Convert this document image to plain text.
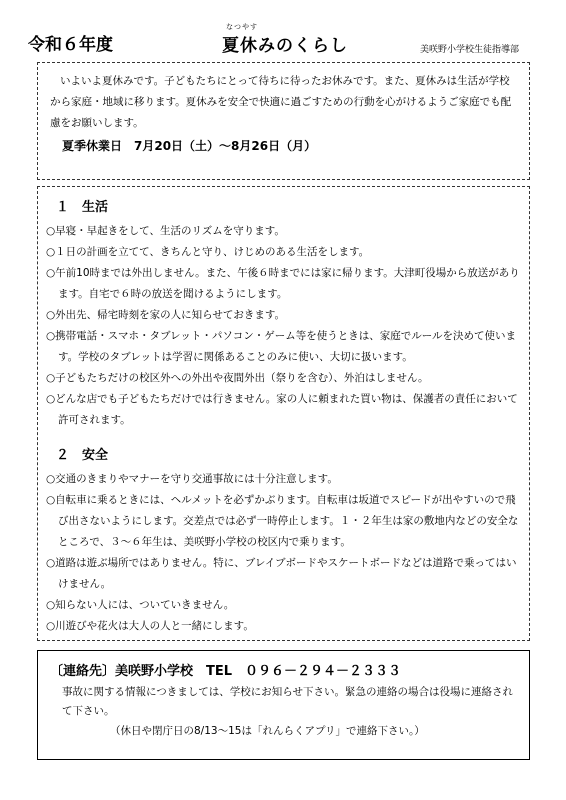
令和６年度
なつやす
夏休みのくらし	美咲野小学校生徒指導部

いよいよ夏休みです。子どもたちにとって待ちに待ったお休みです。また、夏休みは生活が学校から家庭・地域に移ります。夏休みを安全で快適に過ごすための行動を心がけるようご家庭でも配慮をお願いします。

夏季休業日　7月20日（土）～8月26日（月）

１　生活

○早寝・早起きをして、生活のリズムを守ります。

○１日の計画を立てて、きちんと守り、けじめのある生活をします。

○午前10時までは外出しません。また、午後６時までには家に帰ります。大津町役場から放送があります。自宅で６時の放送を聞けるようにします。

○外出先、帰宅時刻を家の人に知らせておきます。

○携帯電話・スマホ・タブレット・パソコン・ゲーム等を使うときは、家庭でルールを決めて使います。学校のタブレットは学習に関係あることのみに使い、大切に扱います。

○子どもたちだけの校区外への外出や夜間外出（祭りを含む）、外泊はしません。

○どんな店でも子どもたちだけでは行きません。家の人に頼まれた買い物は、保護者の責任において許可されます。

２　安全

○交通のきまりやマナーを守り交通事故には十分注意します。

○自転車に乗るときには、ヘルメットを必ずかぶります。自転車は坂道でスピードが出やすいので飛び出さないようにします。交差点では必ず一時停止します。１・２年生は家の敷地内などの安全なところで、３～６年生は、美咲野小学校の校区内で乗ります。

○道路は遊ぶ場所ではありません。特に、ブレイブボードやスケートボードなどは道路で乗ってはいけません。

○知らない人には、ついていきません。

○川遊びや花火は大人の人と一緒にします。

〔連絡先〕美咲野小学校　TEL　０９６－２９４－２３３３

事故に関する情報につきましては、学校にお知らせ下さい。緊急の連絡の場合は役場に連絡されて下さい。

（休日や閉庁日の8/13～15は「れんらくアプリ」で連絡下さい。）
